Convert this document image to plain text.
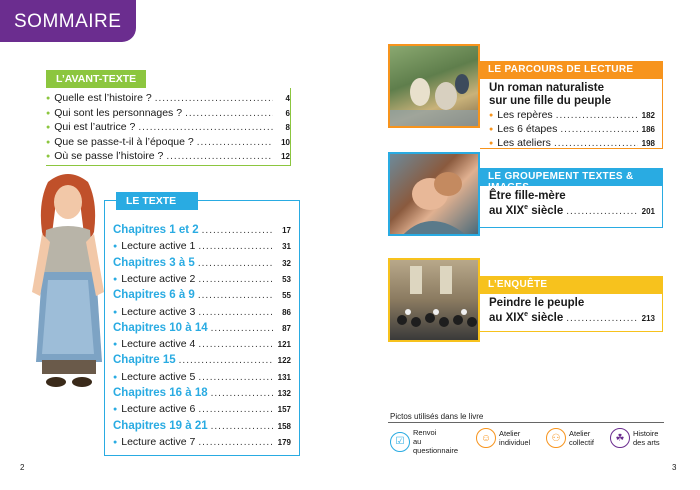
SOMMAIRE
L’AVANT-TEXTE
● Quelle est l’histoire ? .....	4
● Qui sont les personnages ? .....	6
● Qui est l’autrice ? .....	8
● Que se passe-t-il à l’époque ? .....	10
● Où se passe l’histoire ? .....	12
LE TEXTE
Chapitres 1 et 2 .....	17
● Lecture active 1 .....	31
Chapitres 3 à 5 .....	32
● Lecture active 2 .....	53
Chapitres 6 à 9 .....	55
● Lecture active 3 .....	86
Chapitres 10 à 14 .....	87
● Lecture active 4 .....	121
Chapitre 15 .....	122
● Lecture active 5 .....	131
Chapitres 16 à 18 .....	132
● Lecture active 6 .....	157
Chapitres 19 à 21 .....	158
● Lecture active 7 .....	179
LE PARCOURS DE LECTURE
Un roman naturaliste
sur une fille du peuple
● Les repères .....	182
● Les 6 étapes .....	186
● Les ateliers .....	198
LE GROUPEMENT TEXTES & IMAGES
Être fille-mère
au XIXe siècle .....	201
L’ENQUÊTE
Peindre le peuple
au XIXe siècle .....	213
Pictos utilisés dans le livre
☑
Renvoi
au questionnaire
☺	Atelier
individuel	⚇	Atelier
collectif	☘	Histoire
des arts
2	3
